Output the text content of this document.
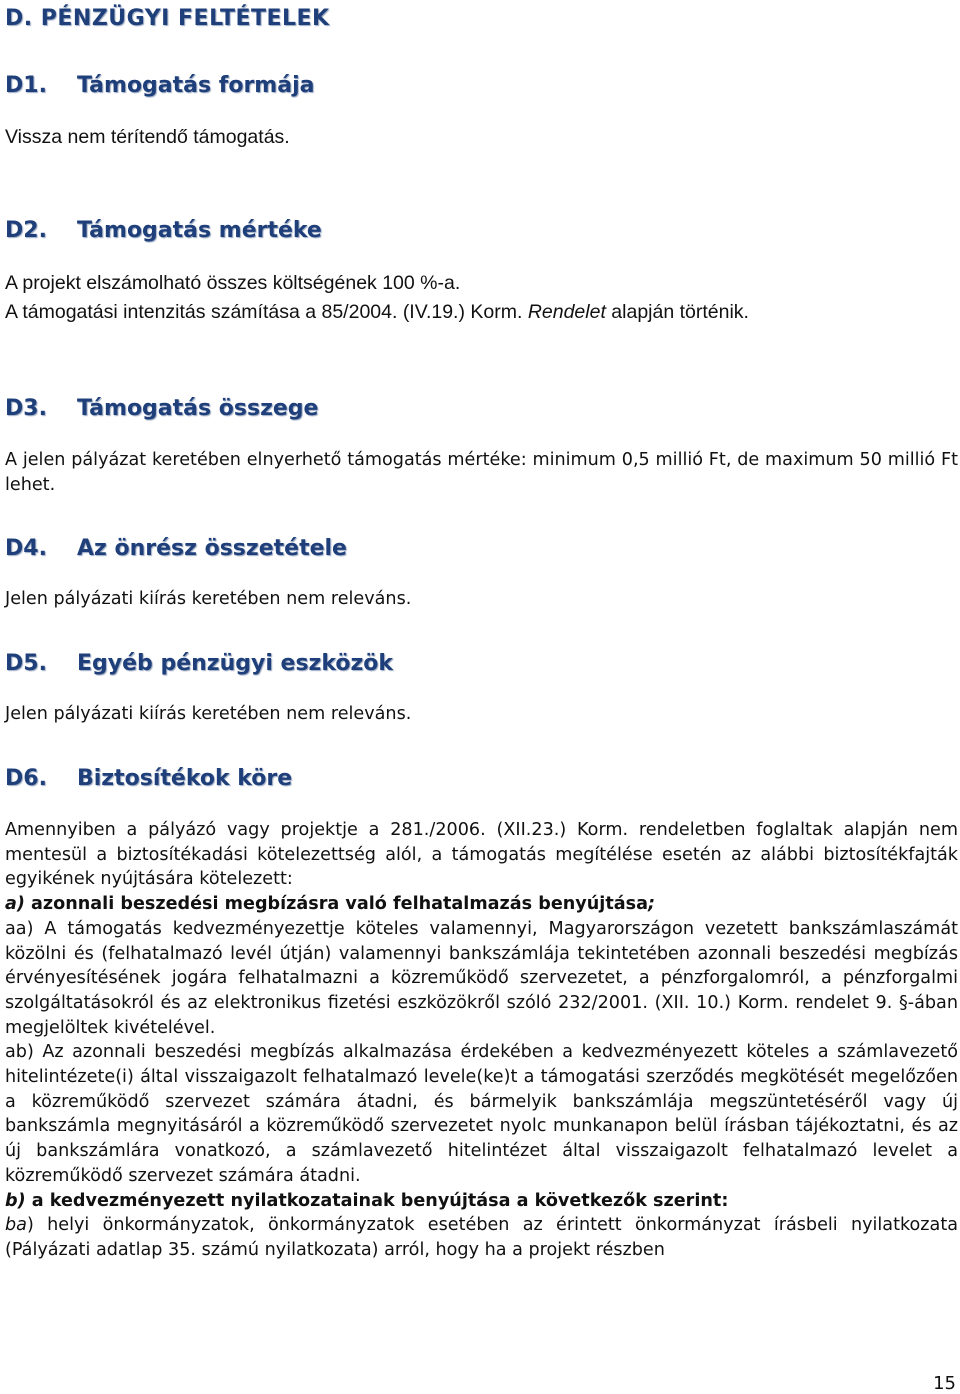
D. PÉNZÜGYI FELTÉTELEK
D1. Támogatás formája
Vissza nem térítendő támogatás.
D2. Támogatás mértéke
A projekt elszámolható összes költségének 100 %-a.
A támogatási intenzitás számítása a 85/2004. (IV.19.) Korm. Rendelet alapján történik.
D3. Támogatás összege
A jelen pályázat keretében elnyerhető támogatás mértéke: minimum 0,5 millió Ft, de maximum 50 millió Ft lehet.
D4. Az önrész összetétele
Jelen pályázati kiírás keretében nem releváns.
D5. Egyéb pénzügyi eszközök
Jelen pályázati kiírás keretében nem releváns.
D6. Biztosítékok köre

Amennyiben a pályázó vagy projektje a 281./2006. (XII.23.) Korm. rendeletben foglaltak alapján nem mentesül a biztosítékadási kötelezettség alól, a támogatás megítélése esetén az alábbi biztosítékfajták egyikének nyújtására kötelezett:

a) azonnali beszedési megbízásra való felhatalmazás benyújtása;

aa) A támogatás kedvezményezettje köteles valamennyi, Magyarországon vezetett bankszámlaszámát közölni és (felhatalmazó levél útján) valamennyi bankszámlája tekintetében azonnali beszedési megbízás érvényesítésének jogára felhatalmazni a közreműködő szervezetet, a pénzforgalomról, a pénzforgalmi szolgáltatásokról és az elektronikus fizetési eszközökről szóló 232/2001. (XII. 10.) Korm. rendelet 9. §-ában megjelöltek kivételével.

ab) Az azonnali beszedési megbízás alkalmazása érdekében a kedvezményezett köteles a számlavezető hitelintézete(i) által visszaigazolt felhatalmazó levele(ke)t a támogatási szerződés megkötését megelőzően a közreműködő szervezet számára átadni, és bármelyik bankszámlája megszüntetéséről vagy új bankszámla megnyitásáról a közreműködő szervezetet nyolc munkanapon belül írásban tájékoztatni, és az új bankszámlára vonatkozó, a számlavezető hitelintézet által visszaigazolt felhatalmazó levelet a közreműködő szervezet számára átadni.

b) a kedvezményezett nyilatkozatainak benyújtása a következők szerint:

ba) helyi önkormányzatok, önkormányzatok esetében az érintett önkormányzat írásbeli nyilatkozata (Pályázati adatlap 35. számú nyilatkozata) arról, hogy ha a projekt részben

15
